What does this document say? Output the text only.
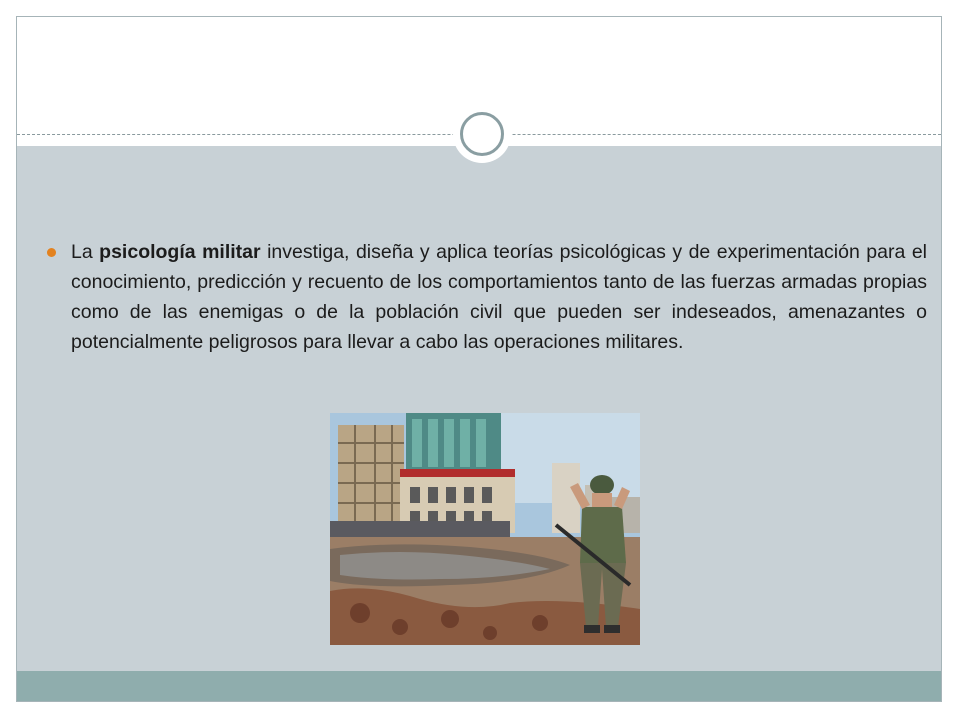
La psicología militar investiga, diseña y aplica teorías psicológicas y de experimentación para el conocimiento, predicción y recuento de los comportamientos tanto de las fuerzas armadas propias como de las enemigas o de la población civil que pueden ser indeseados, amenazantes o potencialmente peligrosos para llevar a cabo las operaciones militares.
